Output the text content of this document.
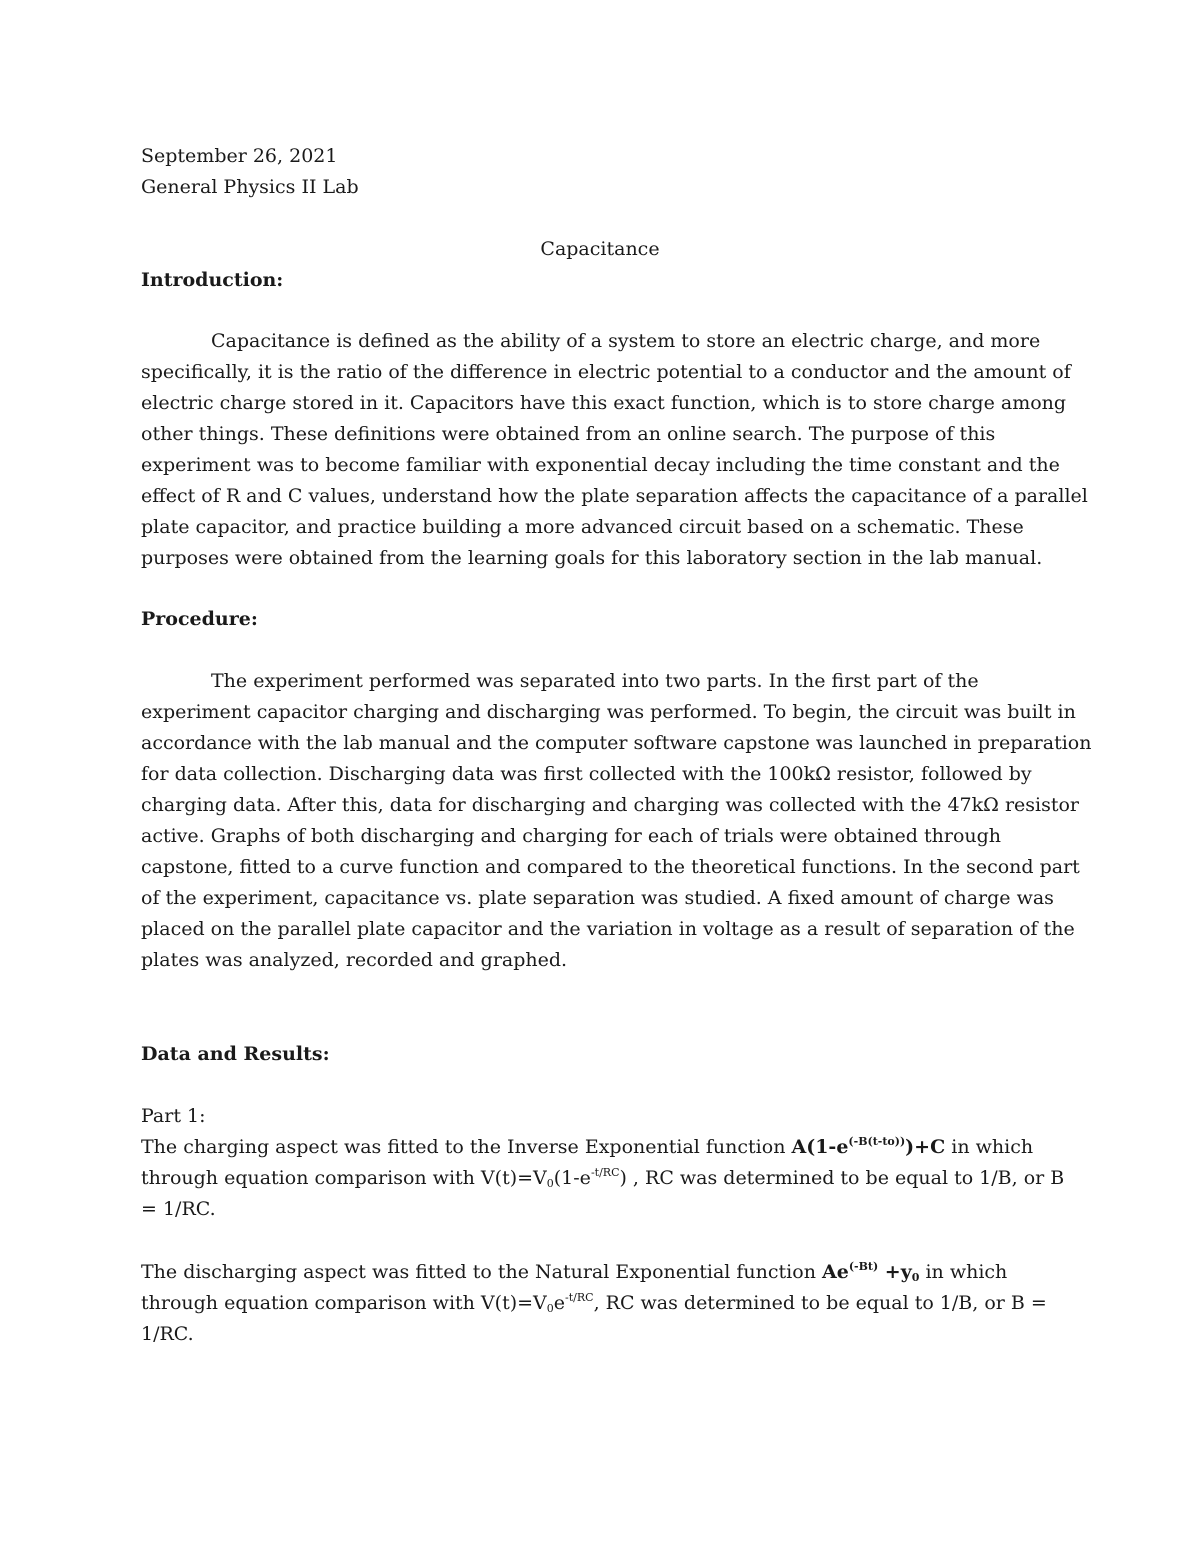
September 26, 2021
General Physics II Lab
Capacitance
Introduction:
Capacitance is defined as the ability of a system to store an electric charge, and more
specifically, it is the ratio of the difference in electric potential to a conductor and the amount of
electric charge stored in it. Capacitors have this exact function, which is to store charge among
other things. These definitions were obtained from an online search. The purpose of this
experiment was to become familiar with exponential decay including the time constant and the
effect of R and C values, understand how the plate separation affects the capacitance of a parallel
plate capacitor, and practice building a more advanced circuit based on a schematic. These
purposes were obtained from the learning goals for this laboratory section in the lab manual.
Procedure:
The experiment performed was separated into two parts. In the first part of the
experiment capacitor charging and discharging was performed. To begin, the circuit was built in
accordance with the lab manual and the computer software capstone was launched in preparation
for data collection. Discharging data was first collected with the 100kΩ resistor, followed by
charging data. After this, data for discharging and charging was collected with the 47kΩ resistor
active. Graphs of both discharging and charging for each of trials were obtained through
capstone, fitted to a curve function and compared to the theoretical functions. In the second part
of the experiment, capacitance vs. plate separation was studied. A fixed amount of charge was
placed on the parallel plate capacitor and the variation in voltage as a result of separation of the
plates was analyzed, recorded and graphed.
Data and Results:
Part 1:
The charging aspect was fitted to the Inverse Exponential function $A(1-e^{(-B(t-to))})+C$ in which
through equation comparison with $V(t)=V_0(1-e^{-t/RC})$ , RC was determined to be equal to 1/B, or B
= 1/RC.
The discharging aspect was fitted to the Natural Exponential function $Ae^{(-Bt)} +y_0$ in which
through equation comparison with $V(t)=V_0e^{-t/RC}$, RC was determined to be equal to 1/B, or B =
1/RC.
